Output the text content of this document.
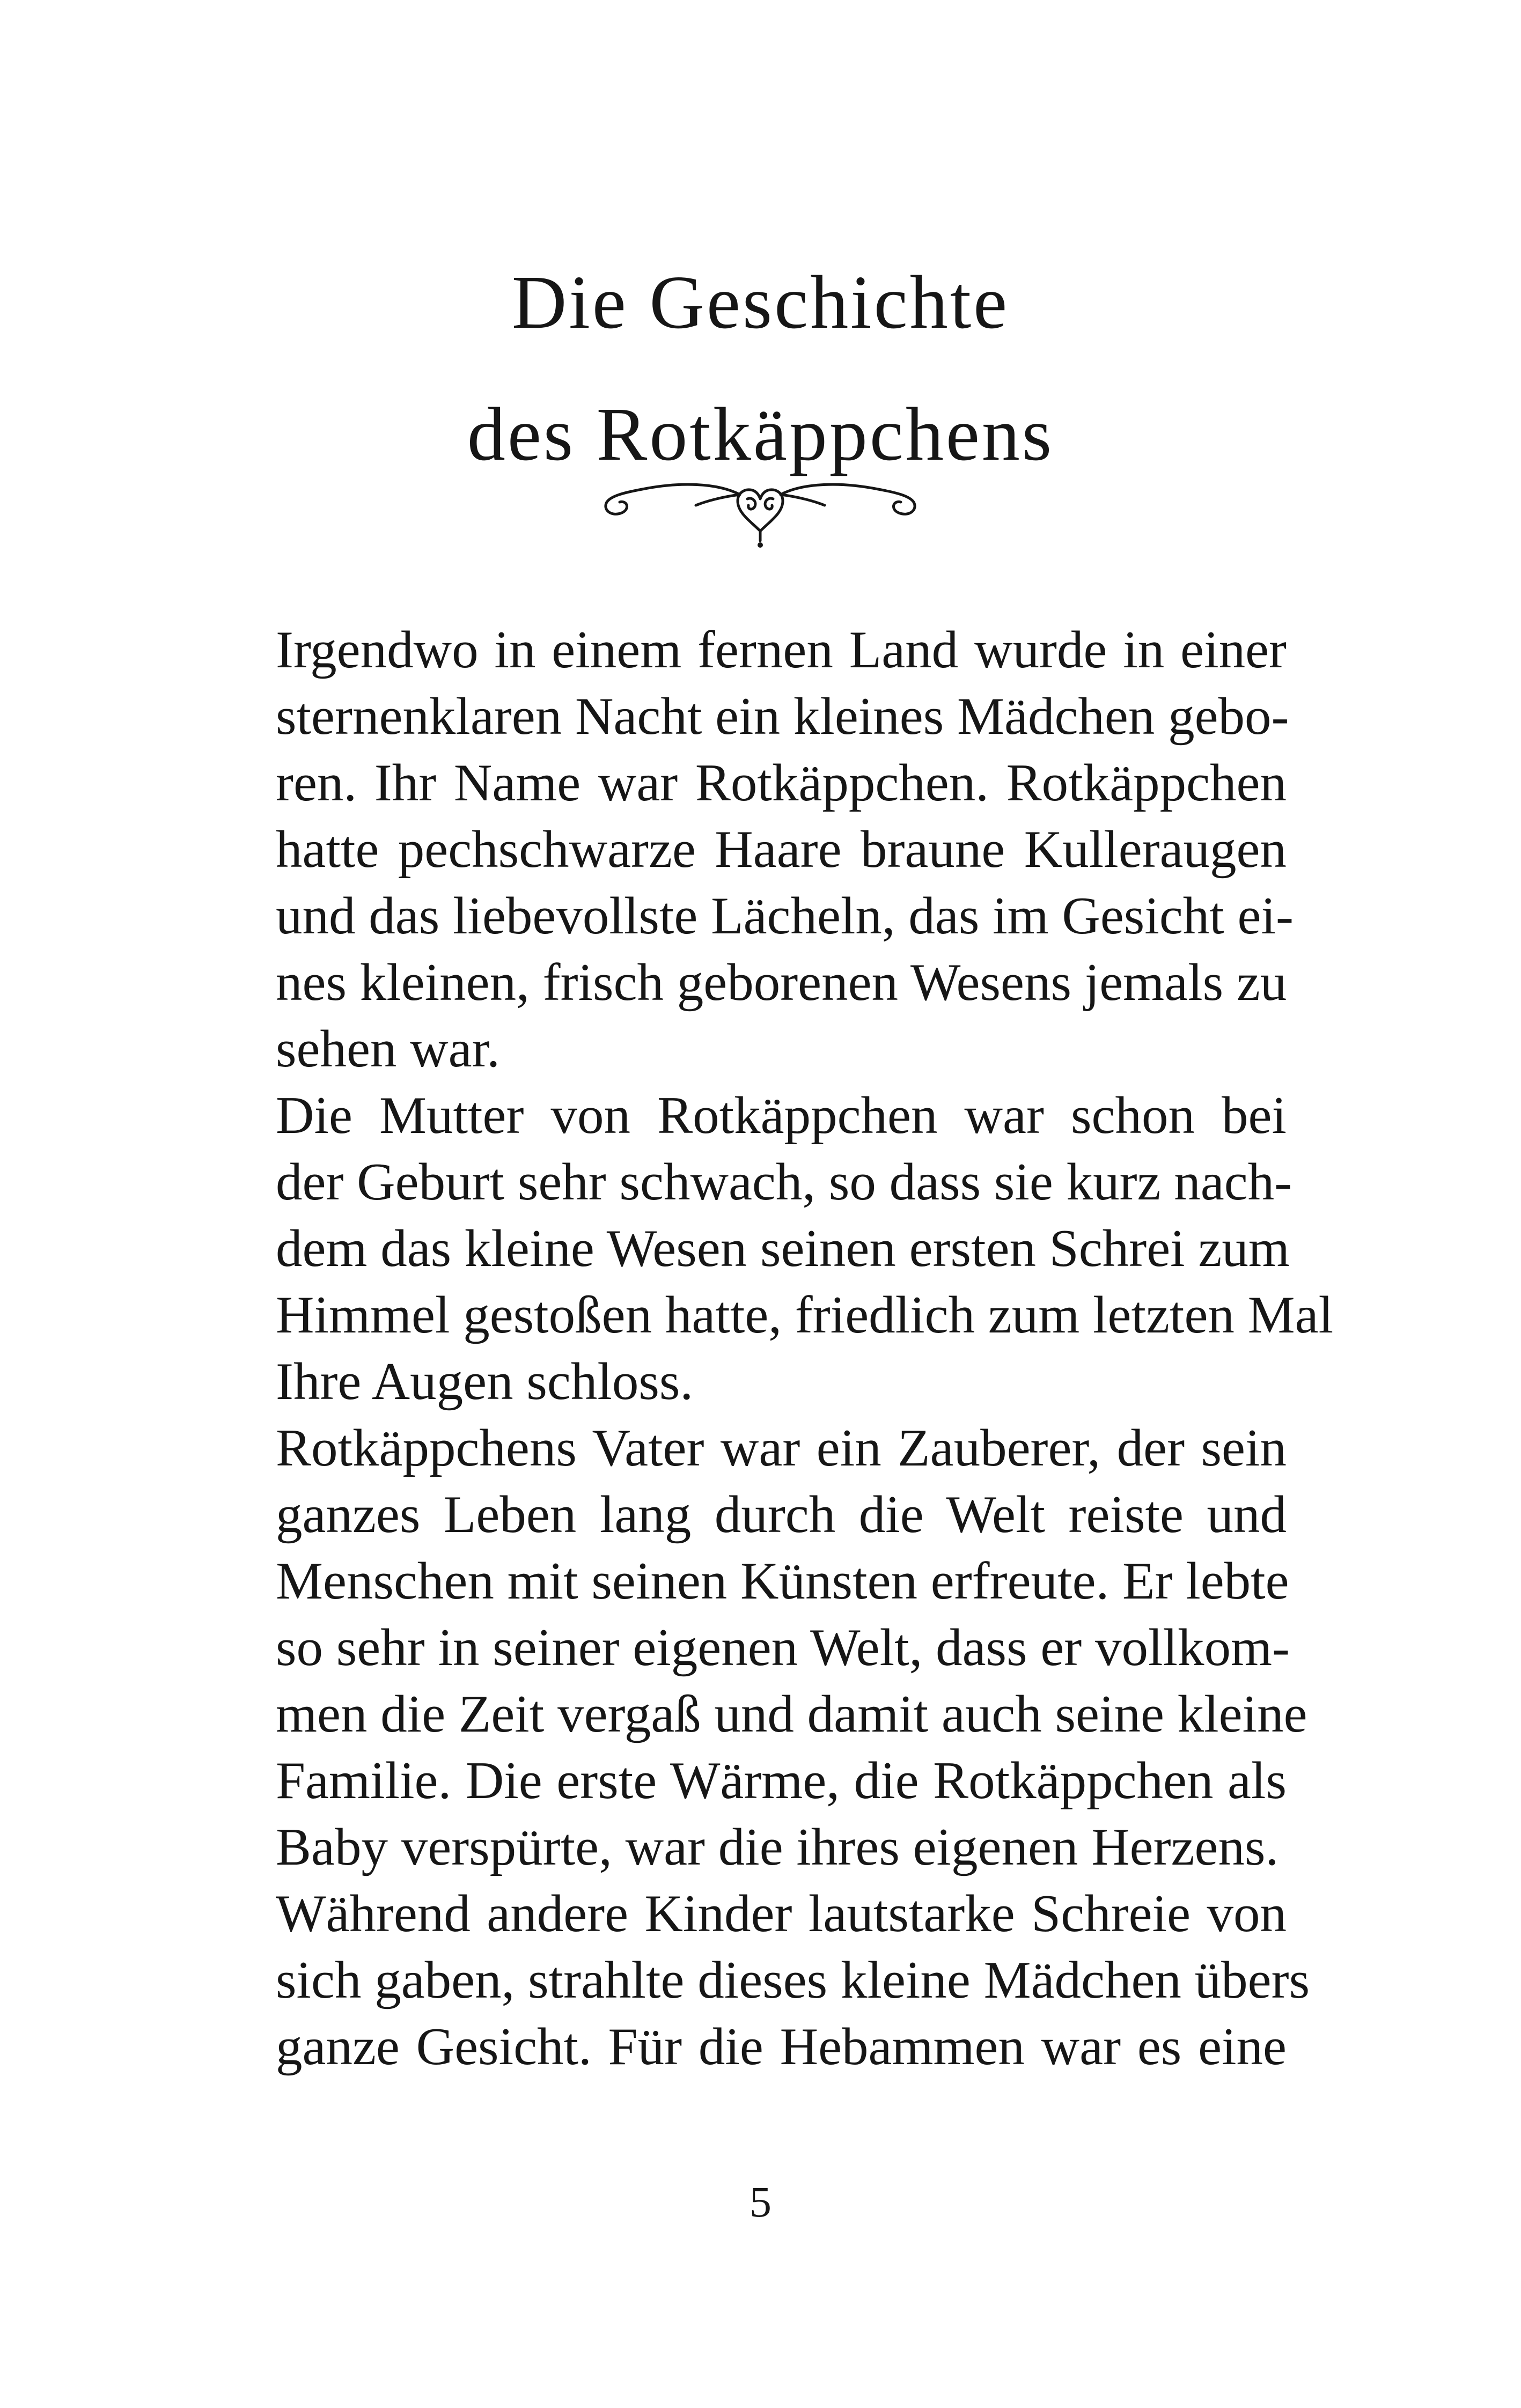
Die Geschichte
des Rotkäppchens

Irgendwo in einem fernen Land wurde in einer
sternenklaren Nacht ein kleines Mädchen gebo-
ren. Ihr Name war Rotkäppchen. Rotkäppchen
hatte pechschwarze Haare braune Kulleraugen
und das liebevollste Lächeln, das im Gesicht ei-
nes kleinen, frisch geborenen Wesens jemals zu
sehen war.

Die Mutter von Rotkäppchen war schon bei
der Geburt sehr schwach, so dass sie kurz nach-
dem das kleine Wesen seinen ersten Schrei zum
Himmel gestoßen hatte, friedlich zum letzten Mal
Ihre Augen schloss.

Rotkäppchens Vater war ein Zauberer, der sein
ganzes Leben lang durch die Welt reiste und
Menschen mit seinen Künsten erfreute. Er lebte
so sehr in seiner eigenen Welt, dass er vollkom-
men die Zeit vergaß und damit auch seine kleine
Familie. Die erste Wärme, die Rotkäppchen als
Baby verspürte, war die ihres eigenen Herzens.

Während andere Kinder lautstarke Schreie von
sich gaben, strahlte dieses kleine Mädchen übers
ganze Gesicht. Für die Hebammen war es eine

5
